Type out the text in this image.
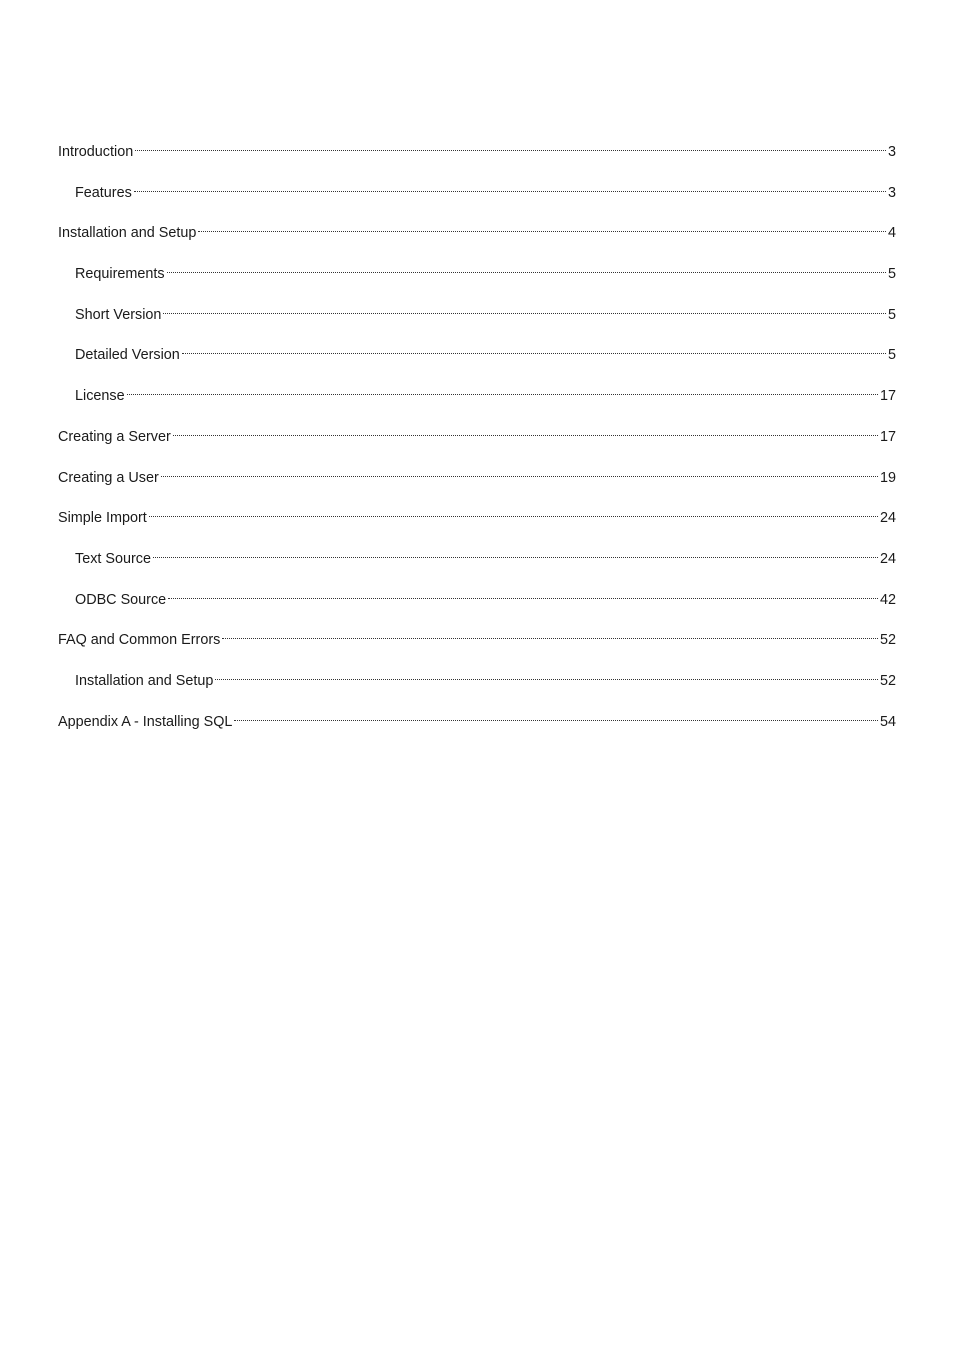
Introduction	3
Features	3
Installation and Setup	4
Requirements	5
Short Version	5
Detailed Version	5
License	17
Creating a Server	17
Creating a User	19
Simple Import	24
Text Source	24
ODBC Source	42
FAQ and Common Errors	52
Installation and Setup	52
Appendix A - Installing SQL	54
